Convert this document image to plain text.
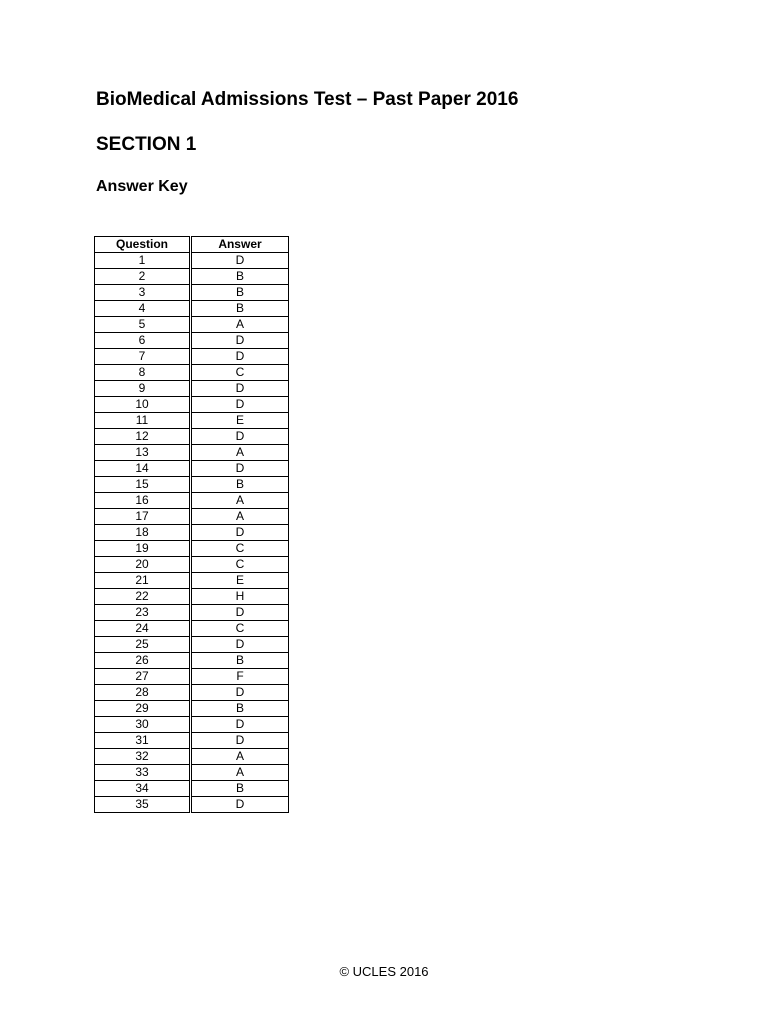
BioMedical Admissions Test – Past Paper 2016
SECTION 1
Answer Key
Question		Answer
1		D
2		B
3		B
4		B
5		A
6		D
7		D
8		C
9		D
10		D
11		E
12		D
13		A
14		D
15		B
16		A
17		A
18		D
19		C
20		C
21		E
22		H
23		D
24		C
25		D
26		B
27		F
28		D
29		B
30		D
31		D
32		A
33		A
34		B
35		D
© UCLES 2016
